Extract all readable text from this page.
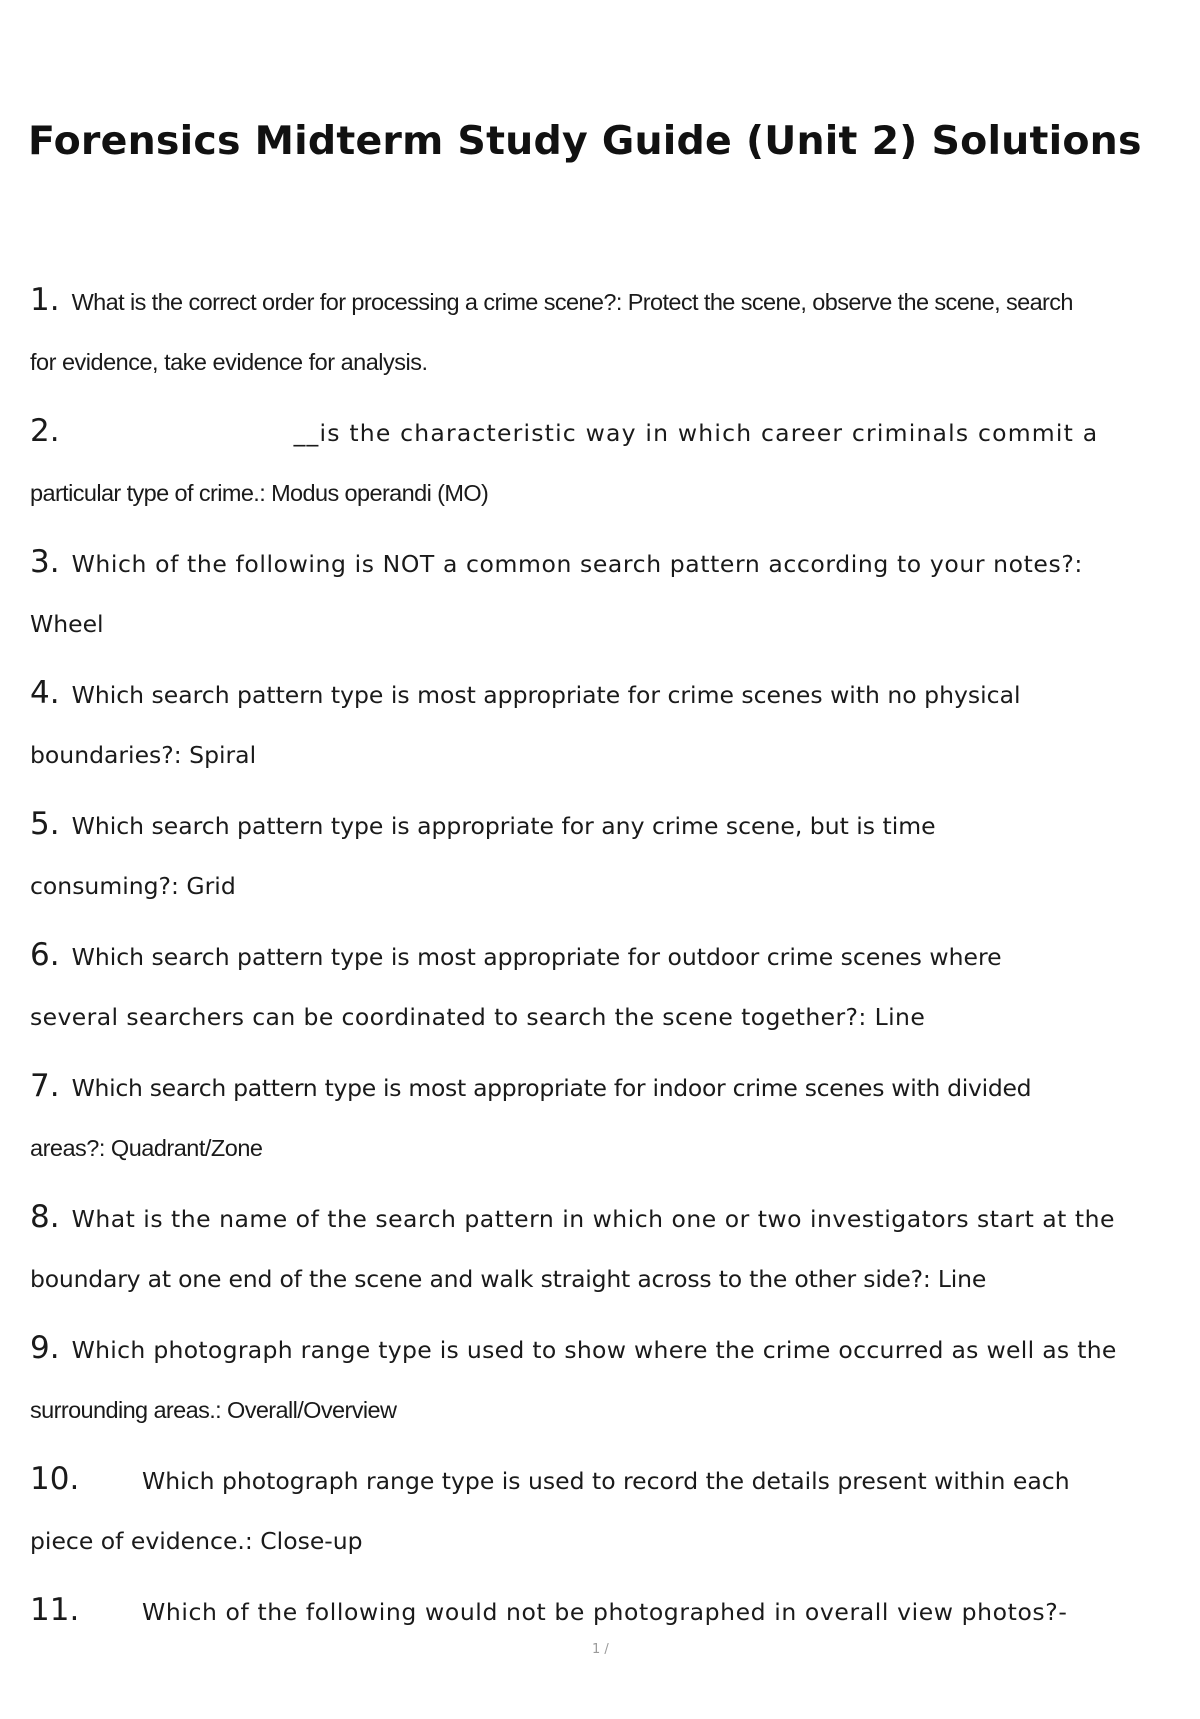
Forensics Midterm Study Guide (Unit 2) Solutions
1. What is the correct order for processing a crime scene?: Protect the scene, observe the scene, search
for evidence, take evidence for analysis.
2.	__is the characteristic way in which career criminals commit a
particular type of crime.: Modus operandi (MO)
3. Which of the following is NOT a common search pattern according to your notes?:
Wheel
4. Which search pattern type is most appropriate for crime scenes with no physical
boundaries?: Spiral
5. Which search pattern type is appropriate for any crime scene, but is time
consuming?: Grid
6. Which search pattern type is most appropriate for outdoor crime scenes where
several searchers can be coordinated to search the scene together?: Line
7. Which search pattern type is most appropriate for indoor crime scenes with divided
areas?: Quadrant/Zone
8. What is the name of the search pattern in which one or two investigators start at the
boundary at one end of the scene and walk straight across to the other side?: Line
9. Which photograph range type is used to show where the crime occurred as well as the
surrounding areas.: Overall/Overview
10.	Which photograph range type is used to record the details present within each
piece of evidence.: Close-up
11.	Which of the following would not be photographed in overall view photos?-
1 /
